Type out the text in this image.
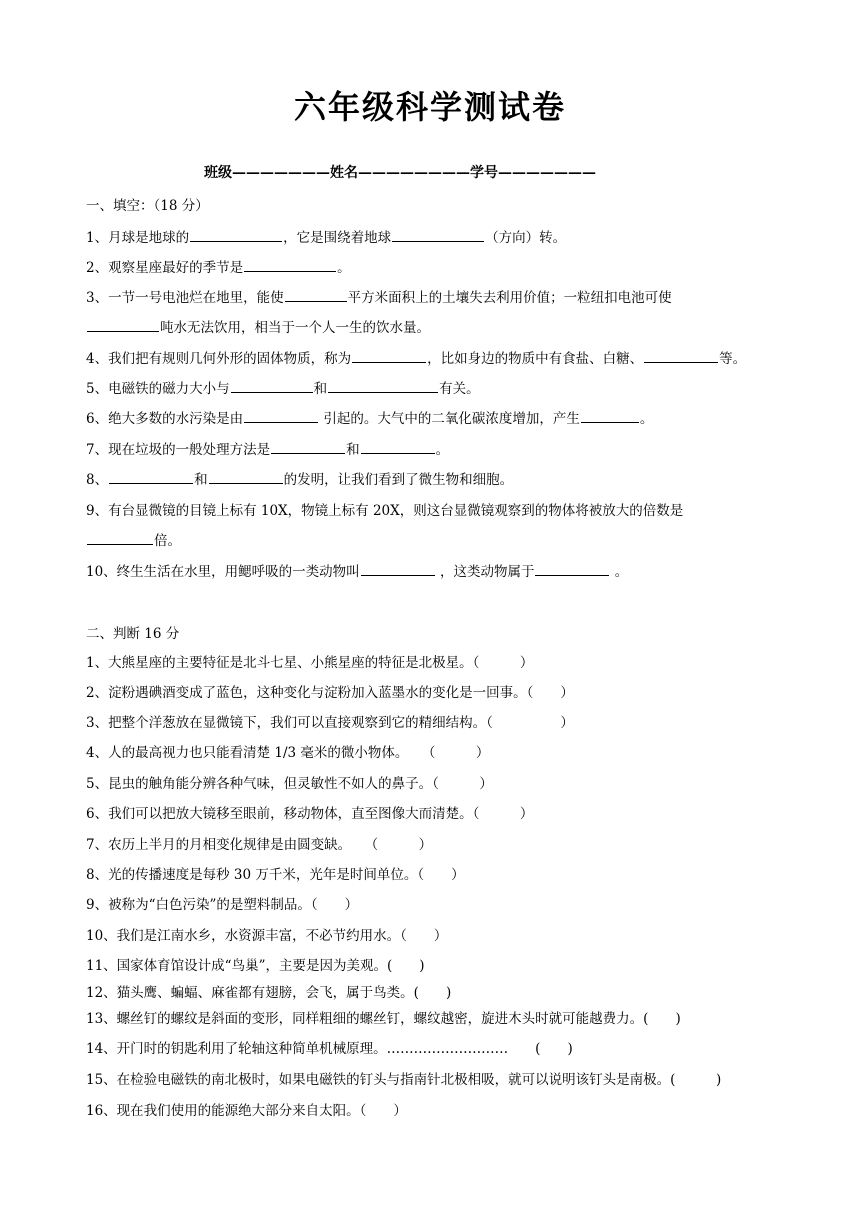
六年级科学测试卷
班级———————姓名————————学号———————
一、填空：（18 分）
1、月球是地球的	，它是围绕着地球	（方向）转。
2、观察星座最好的季节是	。
3、一节一号电池烂在地里，能使	平方米面积上的土壤失去利用价值；一粒纽扣电池可使
吨水无法饮用，相当于一个人一生的饮水量。
4、我们把有规则几何外形的固体物质，称为	，比如身边的物质中有食盐、白糖、	等。
5、电磁铁的磁力大小与	和	有关。
6、绝大多数的水污染是由	引起的。大气中的二氧化碳浓度增加，产生	。
7、现在垃圾的一般处理方法是	和	。
8、	和	的发明，让我们看到了微生物和细胞。
9、有台显微镜的目镜上标有 10X，物镜上标有 20X，则这台显微镜观察到的物体将被放大的倍数是
倍。
10、终生生活在水里，用鳃呼吸的一类动物叫	，这类动物属于	。
二、判断 16 分
1、大熊星座的主要特征是北斗七星、小熊星座的特征是北极星。（　　　）
2、淀粉遇碘酒变成了蓝色，这种变化与淀粉加入蓝墨水的变化是一回事。（　　）
3、把整个洋葱放在显微镜下，我们可以直接观察到它的精细结构。（　　　　　）
4、人的最高视力也只能看清楚 1/3 毫米的微小物体。　　（　　　）
5、昆虫的触角能分辨各种气味，但灵敏性不如人的鼻子。（　　　）
6、我们可以把放大镜移至眼前，移动物体，直至图像大而清楚。（　　　）
7、农历上半月的月相变化规律是由圆变缺。　　（　　　）
8、光的传播速度是每秒 30 万千米，光年是时间单位。（　　）
9、被称为“白色污染”的是塑料制品。（　　）
10、我们是江南水乡，水资源丰富，不必节约用水。（　　）
11、国家体育馆设计成“鸟巢”，主要是因为美观。(　　)
12、猫头鹰、蝙蝠、麻雀都有翅膀，会飞，属于鸟类。(　　)
13、螺丝钉的螺纹是斜面的变形，同样粗细的螺丝钉，螺纹越密，旋进木头时就可能越费力。(　　)
14、开门时的钥匙利用了轮轴这种简单机械原理。………………………　　(　　)
15、在检验电磁铁的南北极时，如果电磁铁的钉头与指南针北极相吸，就可以说明该钉头是南极。(　　　)
16、现在我们使用的能源绝大部分来自太阳。（　　）
